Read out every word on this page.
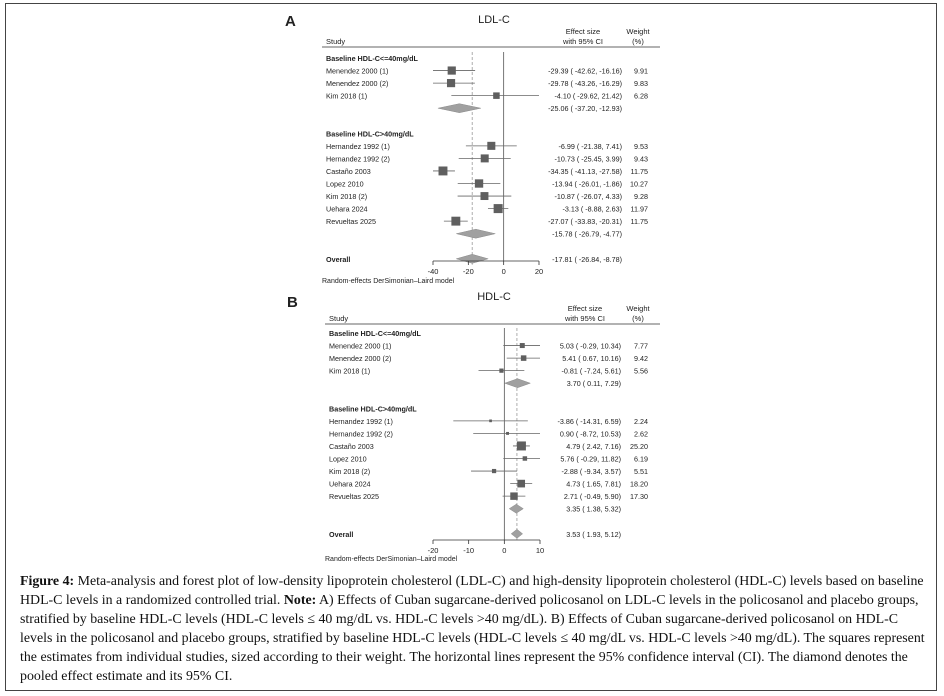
A	LDL-C
Effect size
with 95% CI
Weight
(%)
Study
Baseline HDL-C<=40mg/dL
Menendez 2000 (1)	-29.39 ( -42.62, -16.16) 9.91
Menendez 2000 (2)	-29.78 ( -43.26, -16.29) 9.83
Kim 2018 (1)	-4.10 ( -29.62, 21.42) 6.28
-25.06 ( -37.20, -12.93)
Baseline HDL-C>40mg/dL
Hernandez 1992 (1)	-6.99 ( -21.38, 7.41) 9.53
Hernandez 1992 (2)	-10.73 ( -25.45, 3.99) 9.43
Castaño 2003	-34.35 ( -41.13, -27.58) 11.75
Lopez 2010	-13.94 ( -26.01, -1.86) 10.27
Kim 2018 (2)	-10.87 ( -26.07, 4.33) 9.28
Uehara 2024	-3.13 ( -8.88, 2.63) 11.97
Revueltas 2025	-27.07 ( -33.83, -20.31) 11.75
-15.78 ( -26.79, -4.77)
Overall	-17.81 ( -26.84, -8.78)
-40	-20	0	20
Random-effects DerSimonian–Laird model
B	HDL-C
Effect size
with 95% CI
Weight
(%)
Study
Baseline HDL-C<=40mg/dL
Menendez 2000 (1)	5.03 ( -0.29, 10.34) 7.77
Menendez 2000 (2)	5.41 ( 0.67, 10.16) 9.42
Kim 2018 (1)	-0.81 ( -7.24, 5.61) 5.56
3.70 ( 0.11, 7.29)
Baseline HDL-C>40mg/dL
Hernandez 1992 (1)	-3.86 ( -14.31, 6.59) 2.24
Hernandez 1992 (2)	0.90 ( -8.72, 10.53) 2.62
Castaño 2003	4.79 ( 2.42, 7.16) 25.20
Lopez 2010	5.76 ( -0.29, 11.82) 6.19
Kim 2018 (2)	-2.88 ( -9.34, 3.57) 5.51
Uehara 2024	4.73 ( 1.65, 7.81) 18.20
Revueltas 2025	2.71 ( -0.49, 5.90) 17.30
3.35 ( 1.38, 5.32)
Overall	3.53 ( 1.93, 5.12)
-20	-10	0	10
Random-effects DerSimonian–Laird model
Figure 4: Meta-analysis and forest plot of low-density lipoprotein cholesterol (LDL-C) and high-density lipoprotein cholesterol (HDL-C) levels based on baseline HDL-C levels in a randomized controlled trial. Note: A) Effects of Cuban sugarcane-derived policosanol on LDL-C levels in the policosanol and placebo groups, stratified by baseline HDL-C levels (HDL-C levels ≤ 40 mg/dL vs. HDL-C levels >40 mg/dL). B) Effects of Cuban sugarcane-derived policosanol on HDL-C levels in the policosanol and placebo groups, stratified by baseline HDL-C levels (HDL-C levels ≤ 40 mg/dL vs. HDL-C levels >40 mg/dL). The squares represent the estimates from individual studies, sized according to their weight. The horizontal lines represent the 95% confidence interval (CI). The diamond denotes the pooled effect estimate and its 95% CI.
